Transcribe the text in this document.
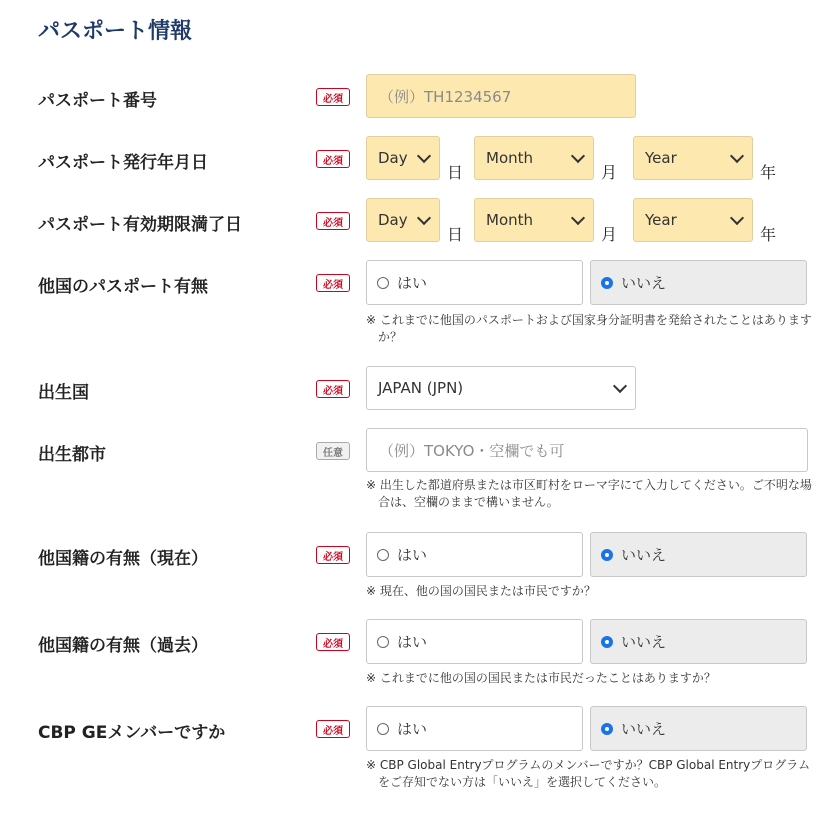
パスポート情報
パスポート番号	必須	（例）TH1234567
パスポート発行年月日	必須	Day
日
Month
月
Year
年
パスポート有効期限満了日	必須	Day
日
Month
月
Year
年
他国のパスポート有無	必須	はい	いいえ
※ これまでに他国のパスポートおよび国家身分証明書を発給されたことはありますか？
出生国	必須	JAPAN (JPN)
出生都市	任意	（例）TOKYO・空欄でも可
※ 出生した都道府県または市区町村をローマ字にて入力してください。ご不明な場合は、空欄のままで構いません。
他国籍の有無（現在）	必須	はい	いいえ
※ 現在、他の国の国民または市民ですか？
他国籍の有無（過去）	必須	はい	いいえ
※ これまでに他の国の国民または市民だったことはありますか？
CBP GEメンバーですか	必須	はい	いいえ
※ CBP Global Entryプログラムのメンバーですか？CBP Global Entryプログラムをご存知でない方は「いいえ」を選択してください。
